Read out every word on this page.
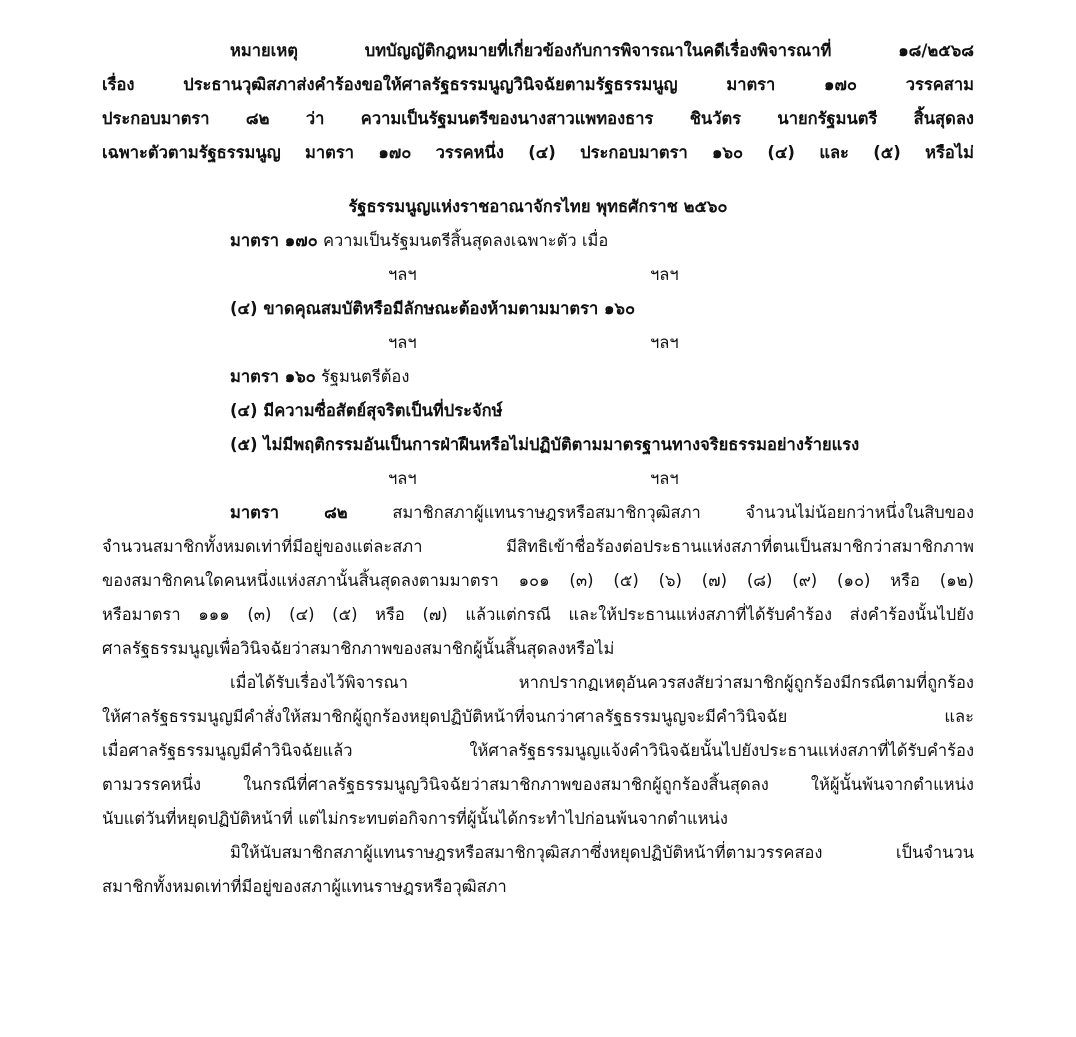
หมายเหตุ	บทบัญญัติกฎหมายที่เกี่ยวข้องกับการพิจารณาในคดีเรื่องพิจารณาที่ ๑๘/๒๕๖๘
เรื่อง ประธานวุฒิสภาส่งคำร้องขอให้ศาลรัฐธรรมนูญวินิจฉัยตามรัฐธรรมนูญ มาตรา ๑๗๐ วรรคสาม
ประกอบมาตรา ๘๒ ว่า ความเป็นรัฐมนตรีของนางสาวแพทองธาร ชินวัตร นายกรัฐมนตรี สิ้นสุดลง
เฉพาะตัวตามรัฐธรรมนูญ มาตรา ๑๗๐ วรรคหนึ่ง (๔) ประกอบมาตรา ๑๖๐ (๔) และ (๕) หรือไม่
รัฐธรรมนูญแห่งราชอาณาจักรไทย พุทธศักราช ๒๕๖๐
มาตรา ๑๗๐ ความเป็นรัฐมนตรีสิ้นสุดลงเฉพาะตัว เมื่อ
ฯลฯ	ฯลฯ
(๔) ขาดคุณสมบัติหรือมีลักษณะต้องห้ามตามมาตรา ๑๖๐
ฯลฯ	ฯลฯ
มาตรา ๑๖๐ รัฐมนตรีต้อง
(๔) มีความซื่อสัตย์สุจริตเป็นที่ประจักษ์
(๕) ไม่มีพฤติกรรมอันเป็นการฝ่าฝืนหรือไม่ปฏิบัติตามมาตรฐานทางจริยธรรมอย่างร้ายแรง
ฯลฯ	ฯลฯ
มาตรา ๘๒	สมาชิกสภาผู้แทนราษฎรหรือสมาชิกวุฒิสภา จำนวนไม่น้อยกว่าหนึ่งในสิบของ
จำนวนสมาชิกทั้งหมดเท่าที่มีอยู่ของแต่ละสภา มีสิทธิเข้าชื่อร้องต่อประธานแห่งสภาที่ตนเป็นสมาชิกว่าสมาชิกภาพ
ของสมาชิกคนใดคนหนึ่งแห่งสภานั้นสิ้นสุดลงตามมาตรา ๑๐๑ (๓) (๕) (๖) (๗) (๘) (๙) (๑๐) หรือ (๑๒)
หรือมาตรา ๑๑๑ (๓) (๔) (๕) หรือ (๗) แล้วแต่กรณี และให้ประธานแห่งสภาที่ได้รับคำร้อง ส่งคำร้องนั้นไปยัง
ศาลรัฐธรรมนูญเพื่อวินิจฉัยว่าสมาชิกภาพของสมาชิกผู้นั้นสิ้นสุดลงหรือไม่
เมื่อได้รับเรื่องไว้พิจารณา หากปรากฏเหตุอันควรสงสัยว่าสมาชิกผู้ถูกร้องมีกรณีตามที่ถูกร้อง
ให้ศาลรัฐธรรมนูญมีคำสั่งให้สมาชิกผู้ถูกร้องหยุดปฏิบัติหน้าที่จนกว่าศาลรัฐธรรมนูญจะมีคำวินิจฉัย และ
เมื่อศาลรัฐธรรมนูญมีคำวินิจฉัยแล้ว ให้ศาลรัฐธรรมนูญแจ้งคำวินิจฉัยนั้นไปยังประธานแห่งสภาที่ได้รับคำร้อง
ตามวรรคหนึ่ง ในกรณีที่ศาลรัฐธรรมนูญวินิจฉัยว่าสมาชิกภาพของสมาชิกผู้ถูกร้องสิ้นสุดลง ให้ผู้นั้นพ้นจากตำแหน่ง
นับแต่วันที่หยุดปฏิบัติหน้าที่ แต่ไม่กระทบต่อกิจการที่ผู้นั้นได้กระทำไปก่อนพ้นจากตำแหน่ง
มิให้นับสมาชิกสภาผู้แทนราษฎรหรือสมาชิกวุฒิสภาซึ่งหยุดปฏิบัติหน้าที่ตามวรรคสอง เป็นจำนวน
สมาชิกทั้งหมดเท่าที่มีอยู่ของสภาผู้แทนราษฎรหรือวุฒิสภา
